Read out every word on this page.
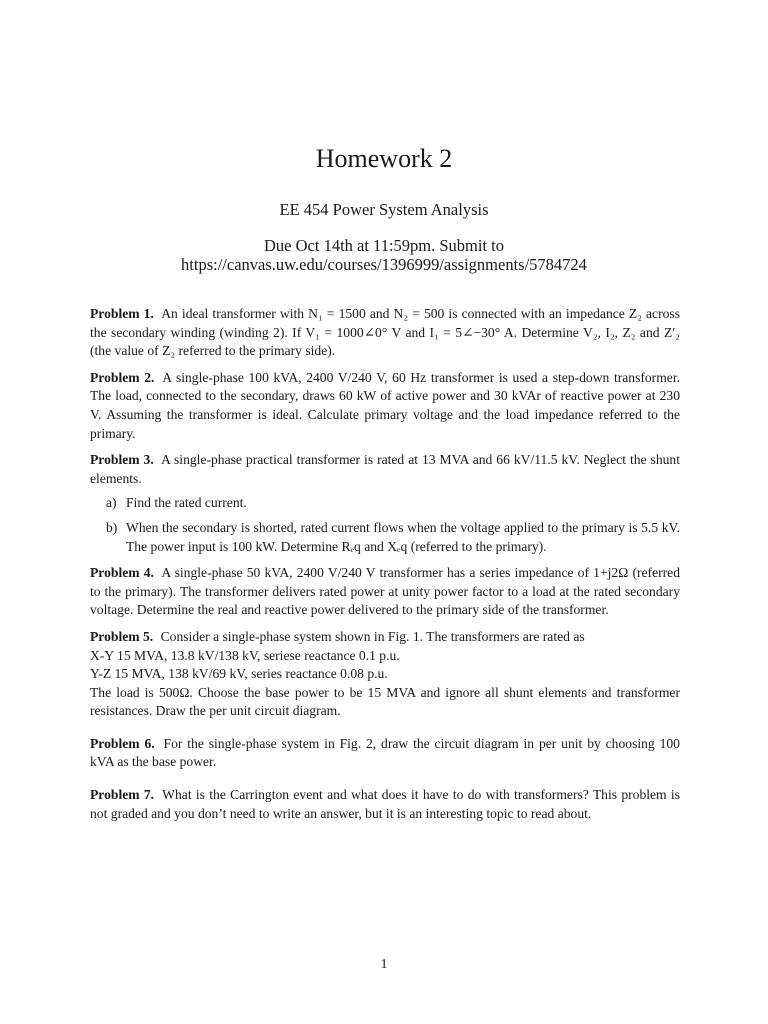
Homework 2
EE 454 Power System Analysis
Due Oct 14th at 11:59pm. Submit to
https://canvas.uw.edu/courses/1396999/assignments/5784724

Problem 1. An ideal transformer with N₁ = 1500 and N₂ = 500 is connected with an impedance Z₂ across the secondary winding (winding 2). If V₁ = 1000∠0° V and I₁ = 5∠−30° A. Determine V₂, I₂, Z₂ and Z′₂ (the value of Z₂ referred to the primary side).

Problem 2. A single-phase 100 kVA, 2400 V/240 V, 60 Hz transformer is used a step-down transformer. The load, connected to the secondary, draws 60 kW of active power and 30 kVAr of reactive power at 230 V. Assuming the transformer is ideal. Calculate primary voltage and the load impedance referred to the primary.

Problem 3. A single-phase practical transformer is rated at 13 MVA and 66 kV/11.5 kV. Neglect the shunt elements.
a) Find the rated current.
b) When the secondary is shorted, rated current flows when the voltage applied to the primary is 5.5 kV. The power input is 100 kW. Determine Rₑq and Xₑq (referred to the primary).

Problem 4. A single-phase 50 kVA, 2400 V/240 V transformer has a series impedance of 1+j2Ω (referred to the primary). The transformer delivers rated power at unity power factor to a load at the rated secondary voltage. Determine the real and reactive power delivered to the primary side of the transformer.

Problem 5. Consider a single-phase system shown in Fig. 1. The transformers are rated as
X-Y 15 MVA, 13.8 kV/138 kV, seriese reactance 0.1 p.u.
Y-Z 15 MVA, 138 kV/69 kV, series reactance 0.08 p.u.
The load is 500Ω. Choose the base power to be 15 MVA and ignore all shunt elements and transformer resistances. Draw the per unit circuit diagram.

Problem 6. For the single-phase system in Fig. 2, draw the circuit diagram in per unit by choosing 100 kVA as the base power.

Problem 7. What is the Carrington event and what does it have to do with transformers? This problem is not graded and you don’t need to write an answer, but it is an interesting topic to read about.

1
